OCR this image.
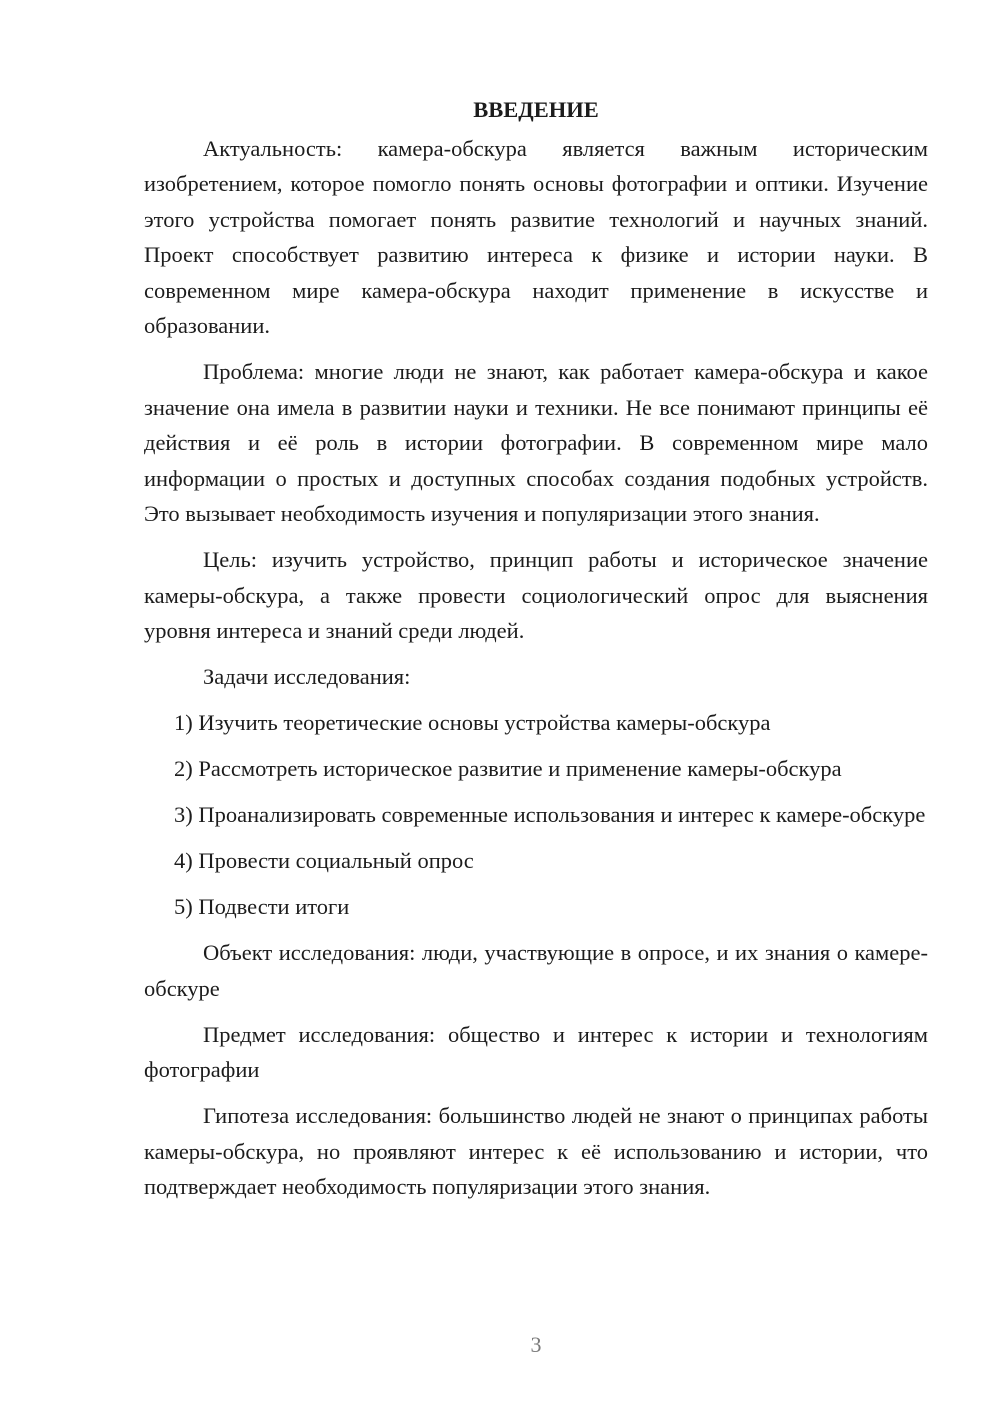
ВВЕДЕНИЕ

Актуальность: камера-обскура является важным историческим изобретением, которое помогло понять основы фотографии и оптики. Изучение этого устройства помогает понять развитие технологий и научных знаний. Проект способствует развитию интереса к физике и истории науки. В современном мире камера-обскура находит применение в искусстве и образовании.

Проблема: многие люди не знают, как работает камера-обскура и какое значение она имела в развитии науки и техники. Не все понимают принципы её действия и её роль в истории фотографии. В современном мире мало информации о простых и доступных способах создания подобных устройств. Это вызывает необходимость изучения и популяризации этого знания.

Цель: изучить устройство, принцип работы и историческое значение камеры-обскура, а также провести социологический опрос для выяснения уровня интереса и знаний среди людей.

Задачи исследования:

1) Изучить теоретические основы устройства камеры-обскура

2) Рассмотреть историческое развитие и применение камеры-обскура

3) Проанализировать современные использования и интерес к камере-обскуре

4) Провести социальный опрос

5) Подвести итоги

Объект исследования: люди, участвующие в опросе, и их знания о камере-обскуре

Предмет исследования: общество и интерес к истории и технологиям фотографии

Гипотеза исследования: большинство людей не знают о принципах работы камеры-обскура, но проявляют интерес к её использованию и истории, что подтверждает необходимость популяризации этого знания.

3
